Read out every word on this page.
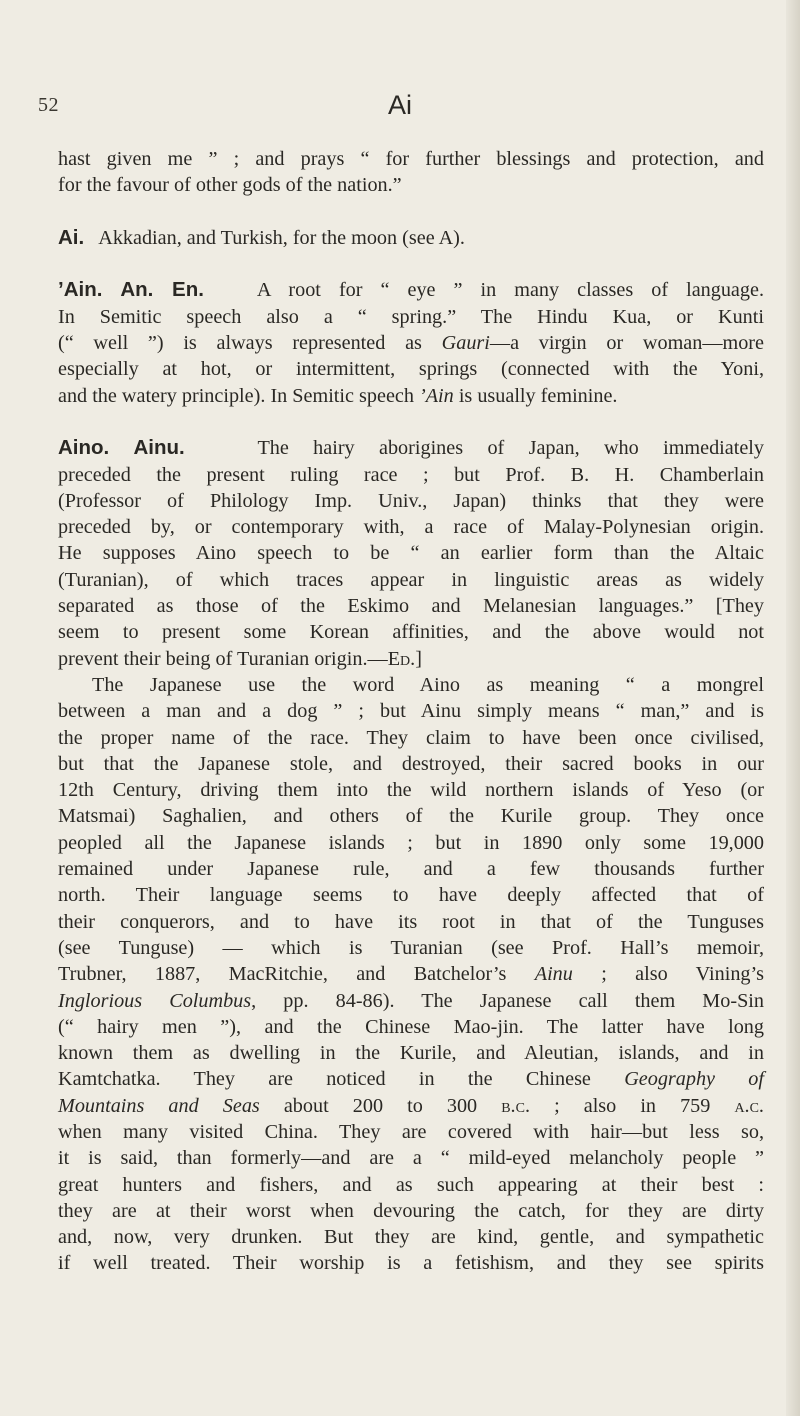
52	Ai
hast given me ” ; and prays “ for further blessings and protection, and
for the favour of other gods of the nation.”
Ai. Akkadian, and Turkish, for the moon (see A).
’Ain. An. En.	A root for “ eye ” in many classes of language.
In Semitic speech also a “ spring.” The Hindu Kua, or Kunti
(“ well ”) is always represented as Gauri—a virgin or woman—more
especially at hot, or intermittent, springs (connected with the Yoni,
and the watery principle). In Semitic speech ’Ain is usually feminine.
Aino. Ainu.	The hairy aborigines of Japan, who immediately
preceded the present ruling race ; but Prof. B. H. Chamberlain
(Professor of Philology Imp. Univ., Japan) thinks that they were
preceded by, or contemporary with, a race of Malay-Polynesian origin.
He supposes Aino speech to be “ an earlier form than the Altaic
(Turanian), of which traces appear in linguistic areas as widely
separated as those of the Eskimo and Melanesian languages.” [They
seem to present some Korean affinities, and the above would not
prevent their being of Turanian origin.—Ed.]
The Japanese use the word Aino as meaning “ a mongrel
between a man and a dog ” ; but Ainu simply means “ man,” and is
the proper name of the race. They claim to have been once civilised,
but that the Japanese stole, and destroyed, their sacred books in our
12th Century, driving them into the wild northern islands of Yeso (or
Matsmai) Saghalien, and others of the Kurile group. They once
peopled all the Japanese islands ; but in 1890 only some 19,000
remained under Japanese rule, and a few thousands further
north. Their language seems to have deeply affected that of
their conquerors, and to have its root in that of the Tunguses
(see Tunguse) — which is Turanian (see Prof. Hall’s memoir,
Trubner, 1887, MacRitchie, and Batchelor’s Ainu ; also Vining’s
Inglorious Columbus, pp. 84-86). The Japanese call them Mo-Sin
(“ hairy men ”), and the Chinese Mao-jin. The latter have long
known them as dwelling in the Kurile, and Aleutian, islands, and in
Kamtchatka. They are noticed in the Chinese Geography of
Mountains and Seas about 200 to 300 b.c. ; also in 759 a.c.
when many visited China. They are covered with hair—but less so,
it is said, than formerly—and are a “ mild-eyed melancholy people ”
great hunters and fishers, and as such appearing at their best :
they are at their worst when devouring the catch, for they are dirty
and, now, very drunken. But they are kind, gentle, and sympathetic
if well treated. Their worship is a fetishism, and they see spirits
